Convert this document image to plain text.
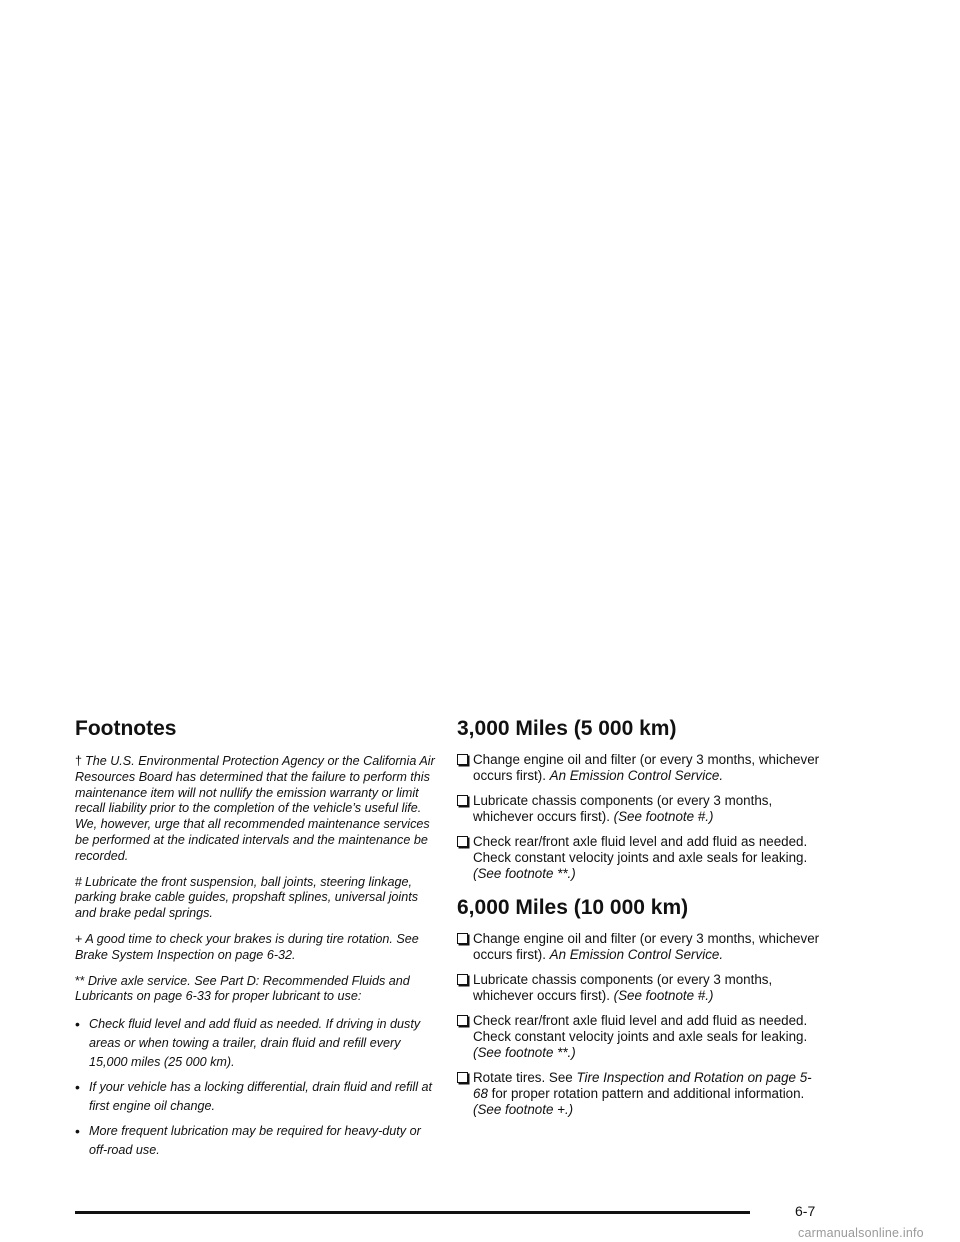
Footnotes

† The U.S. Environmental Protection Agency or the California Air Resources Board has determined that the failure to perform this maintenance item will not nullify the emission warranty or limit recall liability prior to the completion of the vehicle’s useful life. We, however, urge that all recommended maintenance services be performed at the indicated intervals and the maintenance be recorded.

# Lubricate the front suspension, ball joints, steering linkage, parking brake cable guides, propshaft splines, universal joints and brake pedal springs.

+ A good time to check your brakes is during tire rotation. See Brake System Inspection on page 6-32.

** Drive axle service. See Part D: Recommended Fluids and Lubricants on page 6-33 for proper lubricant to use:

• Check fluid level and add fluid as needed. If driving in dusty areas or when towing a trailer, drain fluid and refill every 15,000 miles (25 000 km).
• If your vehicle has a locking differential, drain fluid and refill at first engine oil change.
• More frequent lubrication may be required for heavy-duty or off-road use.
3,000 Miles (5 000 km)
Change engine oil and filter (or every 3 months, whichever occurs first). An Emission Control Service.
Lubricate chassis components (or every 3 months, whichever occurs first). (See footnote #.)
Check rear/front axle fluid level and add fluid as needed. Check constant velocity joints and axle seals for leaking. (See footnote **.)
6,000 Miles (10 000 km)
Change engine oil and filter (or every 3 months, whichever occurs first). An Emission Control Service.
Lubricate chassis components (or every 3 months, whichever occurs first). (See footnote #.)
Check rear/front axle fluid level and add fluid as needed. Check constant velocity joints and axle seals for leaking. (See footnote **.)
Rotate tires. See Tire Inspection and Rotation on page 5-68 for proper rotation pattern and additional information. (See footnote +.)
6-7
carmanualsonline.info
